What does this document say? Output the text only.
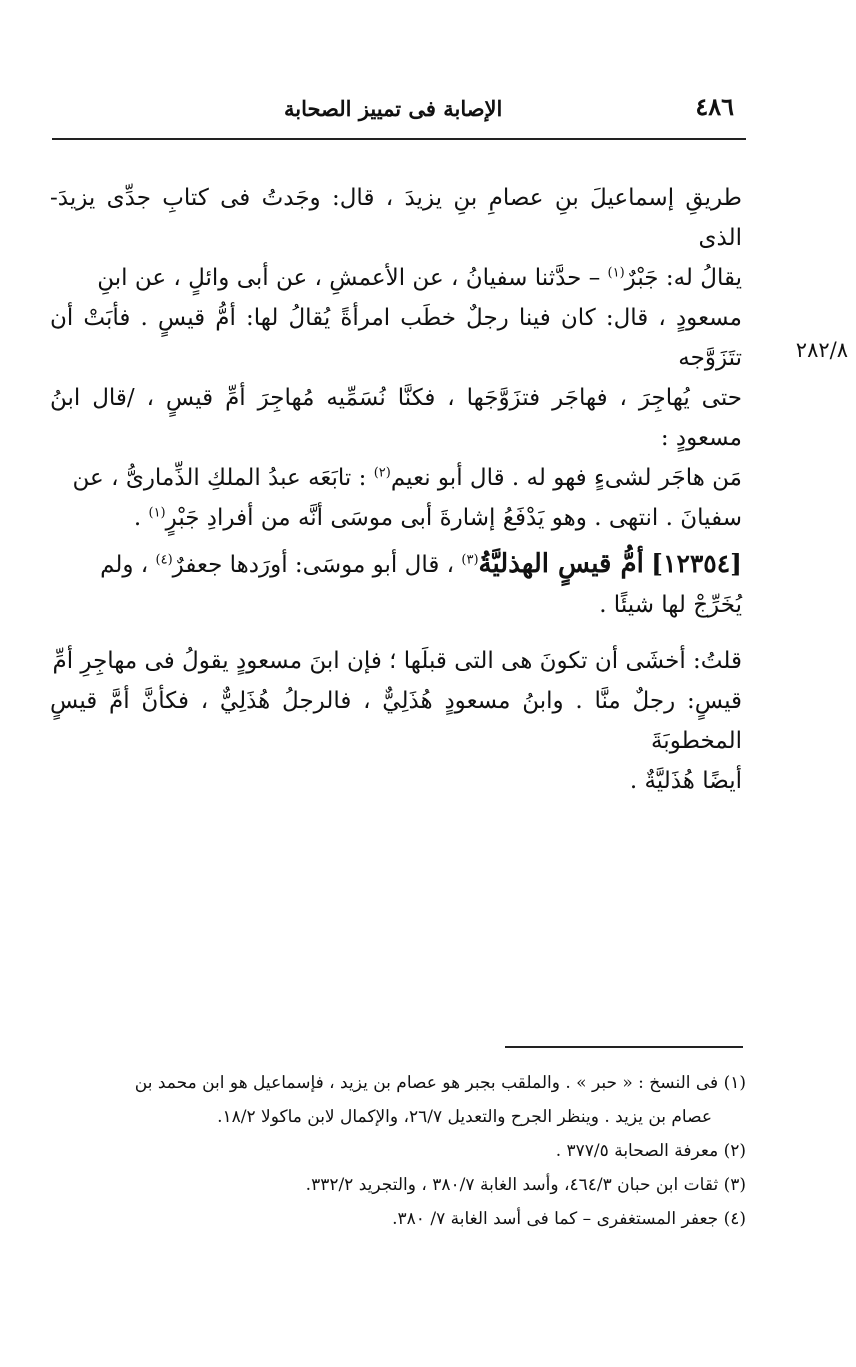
٤٨٦
الإصابة فى تمييز الصحابة
٢٨٢/٨

طريقِ إسماعيلَ بنِ عصامِ بنِ يزيدَ ، قال: وجَدتُ فى كتابِ جدِّى يزيدَ- الذى

يقالُ له: جَبْرٌ$^{(١)}$ – حدَّثنا سفيانُ ، عن الأعمشِ ، عن أبى وائلٍ ، عن ابنِ

مسعودٍ ، قال: كان فينا رجلٌ خطَب امرأةً يُقالُ لها: أمُّ قيسٍ . فأبَتْ أن تتَزَوَّجه

حتى يُهاجِرَ ، فهاجَر فتزَوَّجَها ، فكنَّا نُسَمِّيه مُهاجِرَ أمِّ قيسٍ ، /قال ابنُ مسعودٍ :

مَن هاجَر لشىءٍ فهو له . قال أبو نعيم$^{(٢)}$ : تابَعَه عبدُ الملكِ الذِّمارىُّ ، عن

سفيانَ . انتهى . وهو يَدْفَعُ إشارةَ أبى موسَى أنَّه من أفرادِ جَبْرٍ$^{(١)}$ .

[١٢٣٥٤] أمُّ قيسٍ الهذليَّةُ$^{(٣)}$ ، قال أبو موسَى: أورَدها جعفرٌ$^{(٤)}$ ، ولم

يُخَرِّجْ لها شيئًا .

قلتُ: أخشَى أن تكونَ هى التى قبلَها ؛ فإن ابنَ مسعودٍ يقولُ فى مهاجِرِ أمِّ

قيسٍ: رجلٌ منَّا . وابنُ مسعودٍ هُذَلِيٌّ ، فالرجلُ هُذَلِيٌّ ، فكأنَّ أمَّ قيسٍ المخطوبَةَ

أيضًا هُذَليَّةٌ .

(١) فى النسخ : « حبر » . والملقب بجبر هو عصام بن يزيد ، فإسماعيل هو ابن محمد بن

عصام بن يزيد . وينظر الجرح والتعديل ٢٦/٧، والإكمال لابن ماكولا ١٨/٢.

(٢) معرفة الصحابة ٣٧٧/٥ .

(٣) ثقات ابن حبان ٤٦٤/٣، وأسد الغابة ٣٨٠/٧ ، والتجريد ٣٣٢/٢.

(٤) جعفر المستغفرى – كما فى أسد الغابة ٧/ ٣٨٠.
